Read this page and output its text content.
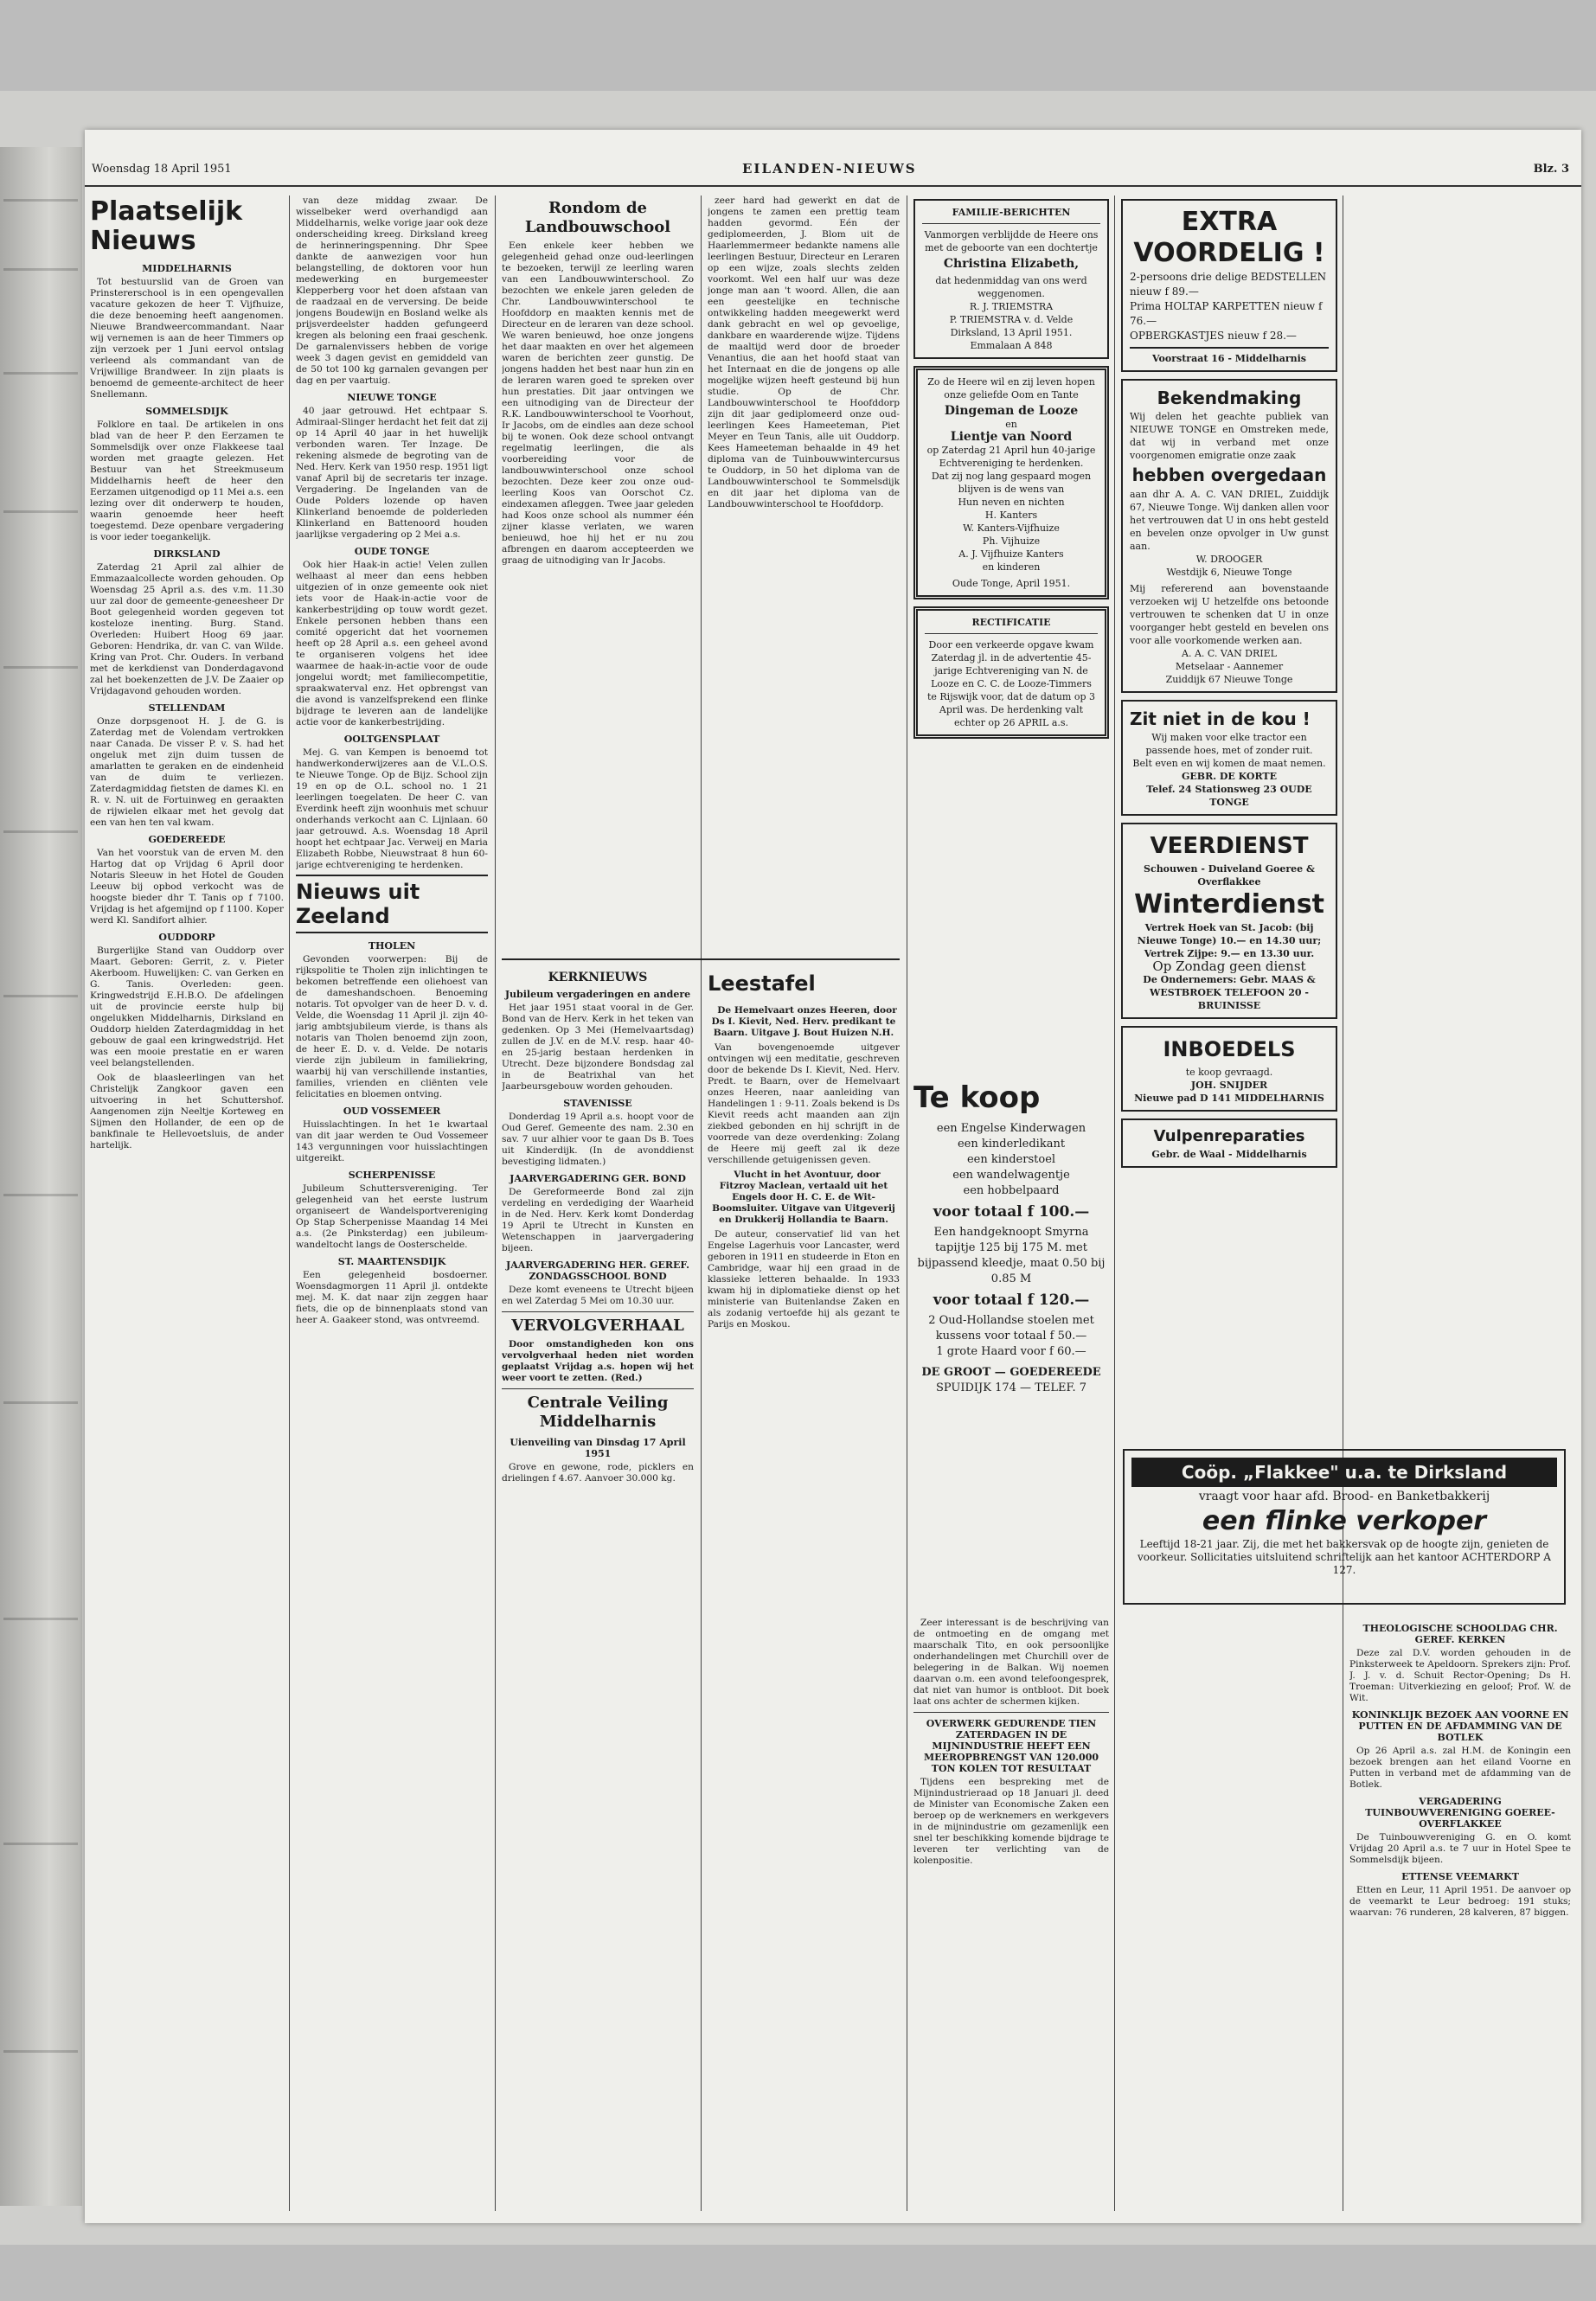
Woensdag 18 April 1951	EILANDEN-NIEUWS	Blz. 3
Plaatselijk Nieuws
MIDDELHARNIS

Tot bestuurslid van de Groen van Prinstererschool is in een opengevallen vacature gekozen de heer T. Vijfhuize, die deze benoeming heeft aangenomen. Nieuwe Brandweercommandant. Naar wij vernemen is aan de heer Timmers op zijn verzoek per 1 Juni eervol ontslag verleend als commandant van de Vrijwillige Brandweer. In zijn plaats is benoemd de gemeente-architect de heer Snellemann.

SOMMELSDIJK

Folklore en taal. De artikelen in ons blad van de heer P. den Eerzamen te Sommelsdijk over onze Flakkeese taal worden met graagte gelezen. Het Bestuur van het Streekmuseum Middelharnis heeft de heer den Eerzamen uitgenodigd op 11 Mei a.s. een lezing over dit onderwerp te houden, waarin genoemde heer heeft toegestemd. Deze openbare vergadering is voor ieder toegankelijk.

DIRKSLAND

Zaterdag 21 April zal alhier de Emmazaalcollecte worden gehouden. Op Woensdag 25 April a.s. des v.m. 11.30 uur zal door de gemeente-geneesheer Dr Boot gelegenheid worden gegeven tot kosteloze inenting. Burg. Stand. Overleden: Huibert Hoog 69 jaar. Geboren: Hendrika, dr. van C. van Wilde. Kring van Prot. Chr. Ouders. In verband met de kerkdienst van Donderdagavond zal het boekenzetten de J.V. De Zaaier op Vrijdagavond gehouden worden.

STELLENDAM

Onze dorpsgenoot H. J. de G. is Zaterdag met de Volendam vertrokken naar Canada. De visser P. v. S. had het ongeluk met zijn duim tussen de amarlatten te geraken en de eindenheid van de duim te verliezen. Zaterdagmiddag fietsten de dames Kl. en R. v. N. uit de Fortuinweg en geraakten de rijwielen elkaar met het gevolg dat een van hen ten val kwam.

GOEDEREEDE

Van het voorstuk van de erven M. den Hartog dat op Vrijdag 6 April door Notaris Sleeuw in het Hotel de Gouden Leeuw bij opbod verkocht was de hoogste bieder dhr T. Tanis op f 7100. Vrijdag is het afgemijnd op f 1100. Koper werd Kl. Sandifort alhier.

OUDDORP

Burgerlijke Stand van Ouddorp over Maart. Geboren: Gerrit, z. v. Pieter Akerboom. Huwelijken: C. van Gerken en G. Tanis. Overleden: geen. Kringwedstrijd E.H.B.O. De afdelingen uit de provincie eerste hulp bij ongelukken Middelharnis, Dirksland en Ouddorp hielden Zaterdagmiddag in het gebouw de gaal een kringwedstrijd. Het was een mooie prestatie en er waren veel belangstellenden.

Ook de blaasleerlingen van het Christelijk Zangkoor gaven een uitvoering in het Schuttershof. Aangenomen zijn Neeltje Korteweg en Sijmen den Hollander, de een op de bankfinale te Hellevoetsluis, de ander hartelijk.

van deze middag zwaar. De wisselbeker werd overhandigd aan Middelharnis, welke vorige jaar ook deze onderscheiding kreeg. Dirksland kreeg de herinneringspenning. Dhr Spee dankte de aanwezigen voor hun belangstelling, de doktoren voor hun medewerking en burgemeester Klepperberg voor het doen afstaan van de raadzaal en de verversing. De beide jongens Boudewijn en Bosland welke als prijsverdeelster hadden gefungeerd kregen als beloning een fraai geschenk. De garnalenvissers hebben de vorige week 3 dagen gevist en gemiddeld van de 50 tot 100 kg garnalen gevangen per dag en per vaartuig.

NIEUWE TONGE

40 jaar getrouwd. Het echtpaar S. Admiraal-Slinger herdacht het feit dat zij op 14 April 40 jaar in het huwelijk verbonden waren. Ter Inzage. De rekening alsmede de begroting van de Ned. Herv. Kerk van 1950 resp. 1951 ligt vanaf April bij de secretaris ter inzage. Vergadering. De Ingelanden van de Oude Polders lozende op haven Klinkerland benoemde de polderleden Klinkerland en Battenoord houden jaarlijkse vergadering op 2 Mei a.s.

OUDE TONGE

Ook hier Haak-in actie! Velen zullen welhaast al meer dan eens hebben uitgezien of in onze gemeente ook niet iets voor de Haak-in-actie voor de kankerbestrijding op touw wordt gezet. Enkele personen hebben thans een comité opgericht dat het voornemen heeft op 28 April a.s. een geheel avond te organiseren volgens het idee waarmee de haak-in-actie voor de oude jongelui wordt; met familiecompetitie, spraakwaterval enz. Het opbrengst van die avond is vanzelfsprekend een flinke bijdrage te leveren aan de landelijke actie voor de kankerbestrijding.

OOLTGENSPLAAT

Mej. G. van Kempen is benoemd tot handwerkonderwijzeres aan de V.L.O.S. te Nieuwe Tonge. Op de Bijz. School zijn 19 en op de O.L. school no. 1 21 leerlingen toegelaten. De heer C. van Everdink heeft zijn woonhuis met schuur onderhands verkocht aan C. Lijnlaan. 60 jaar getrouwd. A.s. Woensdag 18 April hoopt het echtpaar Jac. Verweij en Maria Elizabeth Robbe, Nieuwstraat 8 hun 60-jarige echtvereniging te herdenken.

Nieuws uit Zeeland
THOLEN

Gevonden voorwerpen: Bij de rijkspolitie te Tholen zijn inlichtingen te bekomen betreffende een oliehoest van de dameshandschoen. Benoeming notaris. Tot opvolger van de heer D. v. d. Velde, die Woensdag 11 April jl. zijn 40-jarig ambtsjubileum vierde, is thans als notaris van Tholen benoemd zijn zoon, de heer E. D. v. d. Velde. De notaris vierde zijn jubileum in familiekring, waarbij hij van verschillende instanties, families, vrienden en cliënten vele felicitaties en bloemen ontving.

OUD VOSSEMEER

Huisslachtingen. In het 1e kwartaal van dit jaar werden te Oud Vossemeer 143 vergunningen voor huisslachtingen uitgereikt.

SCHERPENISSE

Jubileum Schuttersvereniging. Ter gelegenheid van het eerste lustrum organiseert de Wandelsportvereniging Op Stap Scherpenisse Maandag 14 Mei a.s. (2e Pinksterdag) een jubileum-wandeltocht langs de Oosterschelde.

ST. MAARTENSDIJK

Een gelegenheid bosdoerner. Woensdagmorgen 11 April jl. ontdekte mej. M. K. dat naar zijn zeggen haar fiets, die op de binnenplaats stond van heer A. Gaakeer stond, was ontvreemd.

Rondom de Landbouwschool

Een enkele keer hebben we gelegenheid gehad onze oud-leerlingen te bezoeken, terwijl ze leerling waren van een Landbouwwinterschool. Zo bezochten we enkele jaren geleden de Chr. Landbouwwinterschool te Hoofddorp en maakten kennis met de Directeur en de leraren van deze school. We waren benieuwd, hoe onze jongens het daar maakten en over het algemeen waren de berichten zeer gunstig. De jongens hadden het best naar hun zin en de leraren waren goed te spreken over hun prestaties. Dit jaar ontvingen we een uitnodiging van de Directeur der R.K. Landbouwwinterschool te Voorhout, Ir Jacobs, om de eindles aan deze school bij te wonen. Ook deze school ontvangt regelmatig leerlingen, die als voorbereiding voor de landbouwwinterschool onze school bezochten. Deze keer zou onze oud-leerling Koos van Oorschot Cz. eindexamen afleggen. Twee jaar geleden had Koos onze school als nummer één zijner klasse verlaten, we waren benieuwd, hoe hij het er nu zou afbrengen en daarom accepteerden we graag de uitnodiging van Ir Jacobs.

zeer hard had gewerkt en dat de jongens te zamen een prettig team hadden gevormd. Eén der gediplomeerden, J. Blom uit de Haarlemmermeer bedankte namens alle leerlingen Bestuur, Directeur en Leraren op een wijze, zoals slechts zelden voorkomt. Wel een half uur was deze jonge man aan 't woord. Allen, die aan een geestelijke en technische ontwikkeling hadden meegewerkt werd dank gebracht en wel op gevoelige, dankbare en waarderende wijze. Tijdens de maaltijd werd door de broeder Venantius, die aan het hoofd staat van het Internaat en die de jongens op alle mogelijke wijzen heeft gesteund bij hun studie. Op de Chr. Landbouwwinterschool te Hoofddorp zijn dit jaar gediplomeerd onze oud-leerlingen Kees Hameeteman, Piet Meyer en Teun Tanis, alle uit Ouddorp. Kees Hameeteman behaalde in 49 het diploma van de Tuinbouwwintercursus te Ouddorp, in 50 het diploma van de Landbouwwinterschool te Sommelsdijk en dit jaar het diploma van de Landbouwwinterschool te Hoofddorp.

KERKNIEUWS
Jubileum vergaderingen en andere

Het jaar 1951 staat vooral in de Ger. Bond van de Herv. Kerk in het teken van gedenken. Op 3 Mei (Hemelvaartsdag) zullen de J.V. en de M.V. resp. haar 40- en 25-jarig bestaan herdenken in Utrecht. Deze bijzondere Bondsdag zal in de Beatrixhal van het Jaarbeursgebouw worden gehouden.

STAVENISSE

Donderdag 19 April a.s. hoopt voor de Oud Geref. Gemeente des nam. 2.30 en sav. 7 uur alhier voor te gaan Ds B. Toes uit Kinderdijk. (In de avonddienst bevestiging lidmaten.)

JAARVERGADERING GER. BOND

De Gereformeerde Bond zal zijn verdeling en verdediging der Waarheid in de Ned. Herv. Kerk komt Donderdag 19 April te Utrecht in Kunsten en Wetenschappen in jaarvergadering bijeen.

JAARVERGADERING HER. GEREF. ZONDAGSSCHOOL BOND

Deze komt eveneens te Utrecht bijeen en wel Zaterdag 5 Mei om 10.30 uur.

VERVOLGVERHAAL

Door omstandigheden kon ons vervolgverhaal heden niet worden geplaatst Vrijdag a.s. hopen wij het weer voort te zetten. (Red.)

Centrale Veiling Middelharnis
Uienveiling van Dinsdag 17 April 1951

Grove en gewone, rode, picklers en drielingen f 4.67. Aanvoer 30.000 kg.

Leestafel

De Hemelvaart onzes Heeren, door Ds I. Kievit, Ned. Herv. predikant te Baarn. Uitgave J. Bout Huizen N.H.

Van bovengenoemde uitgever ontvingen wij een meditatie, geschreven door de bekende Ds I. Kievit, Ned. Herv. Predt. te Baarn, over de Hemelvaart onzes Heeren, naar aanleiding van Handelingen 1 : 9-11. Zoals bekend is Ds Kievit reeds acht maanden aan zijn ziekbed gebonden en hij schrijft in de voorrede van deze overdenking: Zolang de Heere mij geeft zal ik deze verschillende getuigenissen geven.

Vlucht in het Avontuur, door Fitzroy Maclean, vertaald uit het Engels door H. C. E. de Wit-Boomsluiter. Uitgave van Uitgeverij en Drukkerij Hollandia te Baarn.

De auteur, conservatief lid van het Engelse Lagerhuis voor Lancaster, werd geboren in 1911 en studeerde in Eton en Cambridge, waar hij een graad in de klassieke letteren behaalde. In 1933 kwam hij in diplomatieke dienst op het ministerie van Buitenlandse Zaken en als zodanig vertoefde hij als gezant te Parijs en Moskou.

FAMILIE-BERICHTEN
Vanmorgen verblijdde de Heere ons met de geboorte van een dochtertje
Christina Elizabeth,
dat hedenmiddag van ons werd weggenomen.
R. J. TRIEMSTRA
P. TRIEMSTRA v. d. Velde
Dirksland, 13 April 1951.
Emmalaan A 848
Zo de Heere wil en zij leven hopen onze geliefde Oom en Tante
Dingeman de Looze
en
Lientje van Noord
op Zaterdag 21 April hun 40-jarige Echtvereniging te herdenken.
Dat zij nog lang gespaard mogen blijven is de wens van
Hun neven en nichten
H. Kanters
W. Kanters-Vijfhuize
Ph. Vijhuize
A. J. Vijfhuize Kanters
en kinderen
Oude Tonge, April 1951.
RECTIFICATIE
Door een verkeerde opgave kwam Zaterdag jl. in de advertentie 45-jarige Echtvereniging van N. de Looze en C. C. de Looze-Timmers te Rijswijk voor, dat de datum op 3 April was. De herdenking valt echter op 26 APRIL a.s.
Te koop
een Engelse Kinderwagen
een kinderledikant
een kinderstoel
een wandelwagentje
een hobbelpaard
voor totaal f 100.—
Een handgeknoopt Smyrna tapijtje 125 bij 175 M. met bijpassend kleedje, maat 0.50 bij 0.85 M
voor totaal f 120.—
2 Oud-Hollandse stoelen met kussens voor totaal f 50.—
1 grote Haard voor f 60.—
DE GROOT — GOEDEREEDE
SPUIDIJK 174 — TELEF. 7
EXTRA
VOORDELIG !
2-persoons drie delige BEDSTELLEN nieuw f 89.—
Prima HOLTAP KARPETTEN nieuw f 76.—
OPBERGKASTJES nieuw f 28.—
Voorstraat 16 - Middelharnis
Bekendmaking
Wij delen het geachte publiek van NIEUWE TONGE en Omstreken mede, dat wij in verband met onze voorgenomen emigratie onze zaak
hebben overgedaan
aan dhr A. A. C. VAN DRIEL, Zuiddijk 67, Nieuwe Tonge. Wij danken allen voor het vertrouwen dat U in ons hebt gesteld en bevelen onze opvolger in Uw gunst aan.
W. DROOGER
Westdijk 6, Nieuwe Tonge
Mij refererend aan bovenstaande verzoeken wij U hetzelfde ons betoonde vertrouwen te schenken dat U in onze voorganger hebt gesteld en bevelen ons voor alle voorkomende werken aan.
A. A. C. VAN DRIEL
Metselaar - Aannemer
Zuiddijk 67 Nieuwe Tonge
Zit niet in de kou !
Wij maken voor elke tractor een passende hoes, met of zonder ruit.
Belt even en wij komen de maat nemen.
GEBR. DE KORTE
Telef. 24 Stationsweg 23 OUDE TONGE
VEERDIENST
Schouwen - Duiveland Goeree & Overflakkee
Winterdienst
Vertrek Hoek van St. Jacob: (bij Nieuwe Tonge) 10.— en 14.30 uur;
Vertrek Zijpe: 9.— en 13.30 uur.
Op Zondag geen dienst
De Ondernemers: Gebr. MAAS & WESTBROEK TELEFOON 20 - BRUINISSE
INBOEDELS
te koop gevraagd.
JOH. SNIJDER
Nieuwe pad D 141 MIDDELHARNIS
Vulpenreparaties
Gebr. de Waal - Middelharnis
Coöp. „Flakkee" u.a. te Dirksland
vraagt voor haar afd. Brood- en Banketbakkerij
een flinke verkoper
Leeftijd 18-21 jaar. Zij, die met het bakkersvak op de hoogte zijn, genieten de voorkeur. Sollicitaties uitsluitend schriftelijk aan het kantoor ACHTERDORP A 127.

Zeer interessant is de beschrijving van de ontmoeting en de omgang met maarschalk Tito, en ook persoonlijke onderhandelingen met Churchill over de belegering in de Balkan. Wij noemen daarvan o.m. een avond telefoongesprek, dat niet van humor is ontbloot. Dit boek laat ons achter de schermen kijken.

OVERWERK GEDURENDE TIEN ZATERDAGEN IN DE MIJNINDUSTRIE HEEFT EEN MEEROPBRENGST VAN 120.000 TON KOLEN TOT RESULTAAT

Tijdens een bespreking met de Mijnindustrieraad op 18 Januari jl. deed de Minister van Economische Zaken een beroep op de werknemers en werkgevers in de mijnindustrie om gezamenlijk een snel ter beschikking komende bijdrage te leveren ter verlichting van de kolenpositie.

THEOLOGISCHE SCHOOLDAG CHR. GEREF. KERKEN

Deze zal D.V. worden gehouden in de Pinksterweek te Apeldoorn. Sprekers zijn: Prof. J. J. v. d. Schuit Rector-Opening; Ds H. Troeman: Uitverkiezing en geloof; Prof. W. de Wit.

KONINKLIJK BEZOEK AAN VOORNE EN PUTTEN EN DE AFDAMMING VAN DE BOTLEK

Op 26 April a.s. zal H.M. de Koningin een bezoek brengen aan het eiland Voorne en Putten in verband met de afdamming van de Botlek.

VERGADERING TUINBOUWVERENIGING GOEREE-OVERFLAKKEE

De Tuinbouwvereniging G. en O. komt Vrijdag 20 April a.s. te 7 uur in Hotel Spee te Sommelsdijk bijeen.

ETTENSE VEEMARKT

Etten en Leur, 11 April 1951. De aanvoer op de veemarkt te Leur bedroeg: 191 stuks; waarvan: 76 runderen, 28 kalveren, 87 biggen.
